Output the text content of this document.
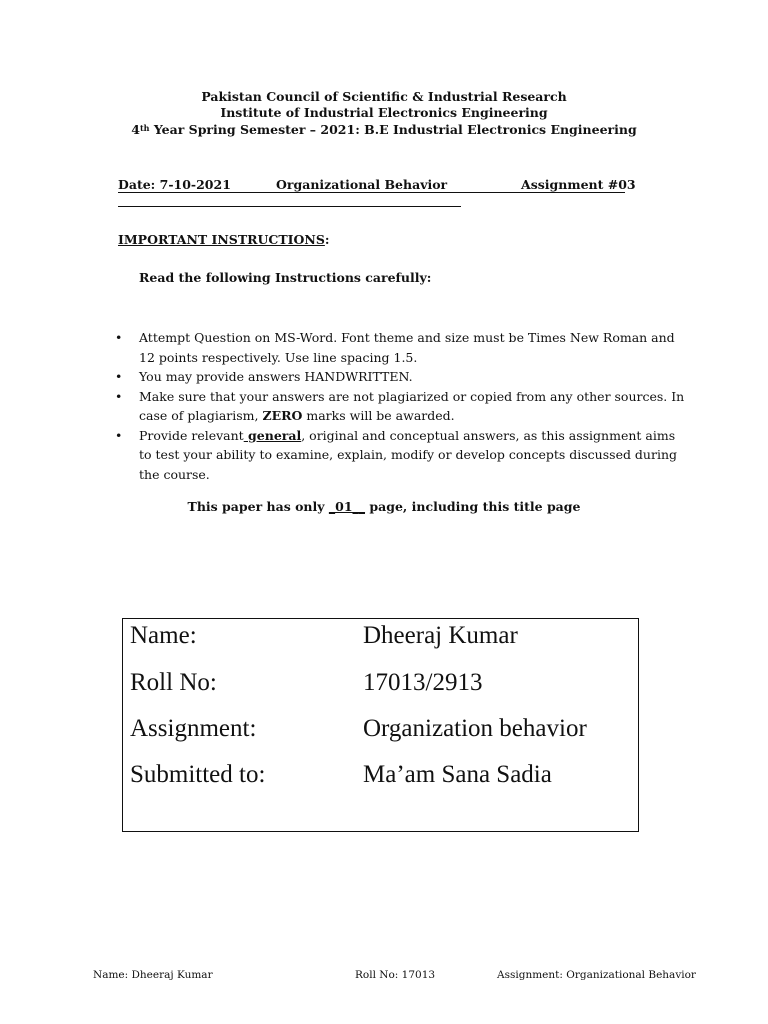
Pakistan Council of Scientific & Industrial Research
Institute of Industrial Electronics Engineering
4th Year Spring Semester – 2021: B.E Industrial Electronics Engineering
Date: 7-10-2021	Organizational Behavior	Assignment #03
IMPORTANT INSTRUCTIONS:
Read the following Instructions carefully:
•	Attempt Question on MS-Word. Font theme and size must be Times New Roman and 12 points respectively. Use line spacing 1.5.
•	You may provide answers HANDWRITTEN.
•	Make sure that your answers are not plagiarized or copied from any other sources. In case of plagiarism, ZERO marks will be awarded.
•	Provide relevant general, original and conceptual answers, as this assignment aims to test your ability to examine, explain, modify or develop concepts discussed during the course.
This paper has only _01__ page, including this title page
Name:	Dheeraj Kumar
Roll No:	17013/2913
Assignment:	Organization behavior
Submitted to:	Ma’am Sana Sadia
Name: Dheeraj Kumar	Roll No: 17013	Assignment: Organizational Behavior
